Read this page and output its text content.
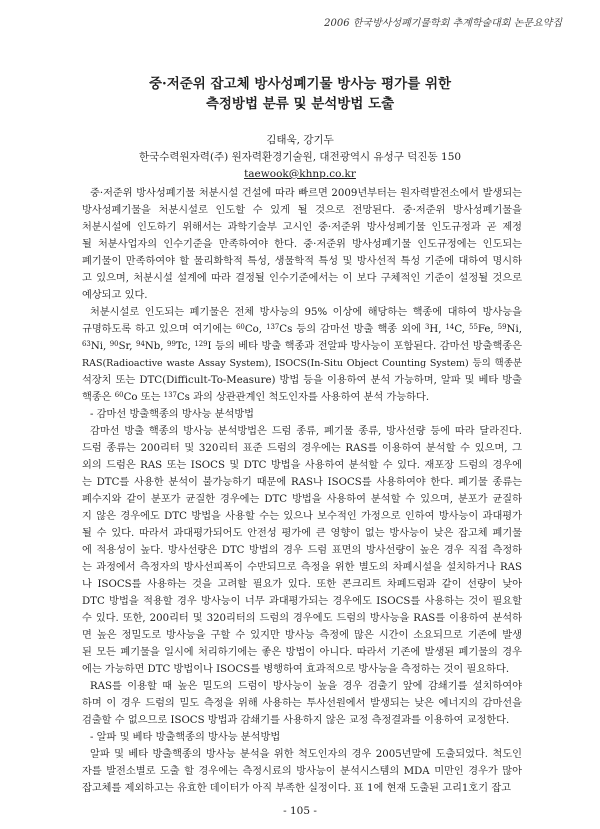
2006 한국방사성폐기물학회 추계학술대회 논문요약집
중·저준위 잡고체 방사성폐기물 방사능 평가를 위한
측정방법 분류 및 분석방법 도출
김태욱, 강기두
한국수력원자력(주) 원자력환경기술원, 대전광역시 유성구 덕진동 150
taewook@khnp.co.kr
중·저준위 방사성폐기물 처분시설 건설에 따라 빠르면 2009년부터는 원자력발전소에서 발생되는
방사성폐기물을 처분시설로 인도할 수 있게 될 것으로 전망된다. 중·저준위 방사성폐기물을
처분시설에 인도하기 위해서는 과학기술부 고시인 중·저준위 방사성폐기물 인도규정과 곧 제정
될 처분사업자의 인수기준을 만족하여야 한다. 중·저준위 방사성폐기물 인도규정에는 인도되는
폐기물이 만족하여야 할 물리화학적 특성, 생물학적 특성 및 방사선적 특성 기준에 대하여 명시하
고 있으며, 처분시설 설계에 따라 결정될 인수기준에서는 이 보다 구체적인 기준이 설정될 것으로
예상되고 있다.
처분시설로 인도되는 폐기물은 전체 방사능의 95% 이상에 해당하는 핵종에 대하여 방사능을
규명하도록 하고 있으며 여기에는 $^{60}$Co, $^{137}$Cs 등의 감마선 방출 핵종 외에 $^3$H, $^{14}$C, $^{55}$Fe, $^{59}$Ni,
$^{63}$Ni, $^{90}$Sr, $^{94}$Nb, $^{99}$Tc, $^{129}$I 등의 베타 방출 핵종과 전알파 방사능이 포함된다. 감마선 방출핵종은
RAS(Radioactive waste Assay System), ISOCS(In-Situ Object Counting System) 등의 핵종분
석장치 또는 DTC(Difficult-To-Measure) 방법 등을 이용하여 분석 가능하며, 알파 및 베타 방출
핵종은 $^{60}$Co 또는 $^{137}$Cs 과의 상관관계인 척도인자를 사용하여 분석 가능하다.
- 감마선 방출핵종의 방사능 분석방법
감마선 방출 핵종의 방사능 분석방법은 드럼 종류, 폐기물 종류, 방사선량 등에 따라 달라진다.
드럼 종류는 200리터 및 320리터 표준 드럼의 경우에는 RAS를 이용하여 분석할 수 있으며, 그
외의 드럼은 RAS 또는 ISOCS 및 DTC 방법을 사용하여 분석할 수 있다. 재포장 드럼의 경우에
는 DTC를 사용한 분석이 불가능하기 때문에 RAS나 ISOCS를 사용하여야 한다. 폐기물 종류는
폐수지와 같이 분포가 균질한 경우에는 DTC 방법을 사용하여 분석할 수 있으며, 분포가 균질하
지 않은 경우에도 DTC 방법을 사용할 수는 있으나 보수적인 가정으로 인하여 방사능이 과대평가
될 수 있다. 따라서 과대평가되어도 안전성 평가에 큰 영향이 없는 방사능이 낮은 잡고체 폐기물
에 적용성이 높다. 방사선량은 DTC 방법의 경우 드럼 표면의 방사선량이 높은 경우 직접 측정하
는 과정에서 측정자의 방사선피폭이 수반되므로 측정을 위한 별도의 차폐시설을 설치하거나 RAS
나 ISOCS를 사용하는 것을 고려할 필요가 있다. 또한 콘크리트 차폐드럼과 같이 선량이 낮아
DTC 방법을 적용할 경우 방사능이 너무 과대평가되는 경우에도 ISOCS를 사용하는 것이 필요할
수 있다. 또한, 200리터 및 320리터의 드럼의 경우에도 드럼의 방사능을 RAS를 이용하여 분석하
면 높은 정밀도로 방사능을 구할 수 있지만 방사능 측정에 많은 시간이 소요되므로 기존에 발생
된 모든 폐기물을 일시에 처리하기에는 좋은 방법이 아니다. 따라서 기존에 발생된 폐기물의 경우
에는 가능하면 DTC 방법이나 ISOCS를 병행하여 효과적으로 방사능을 측정하는 것이 필요하다.
RAS를 이용할 때 높은 밀도의 드럼이 방사능이 높을 경우 검출기 앞에 감쇄기를 설치하여야
하며 이 경우 드럼의 밀도 측정을 위해 사용하는 투사선원에서 발생되는 낮은 에너지의 감마선을
검출할 수 없으므로 ISOCS 방법과 감쇄기를 사용하지 않은 교정 측정결과를 이용하여 교정한다.
- 알파 및 베타 방출핵종의 방사능 분석방법
알파 및 베타 방출핵종의 방사능 분석을 위한 척도인자의 경우 2005년말에 도출되었다. 척도인
자를 발전소별로 도출 할 경우에는 측정시료의 방사능이 분석시스템의 MDA 미만인 경우가 많아
잡고체를 제외하고는 유효한 데이터가 아직 부족한 실정이다. 표 1에 현재 도출된 고리1호기 잡고
- 105 -
